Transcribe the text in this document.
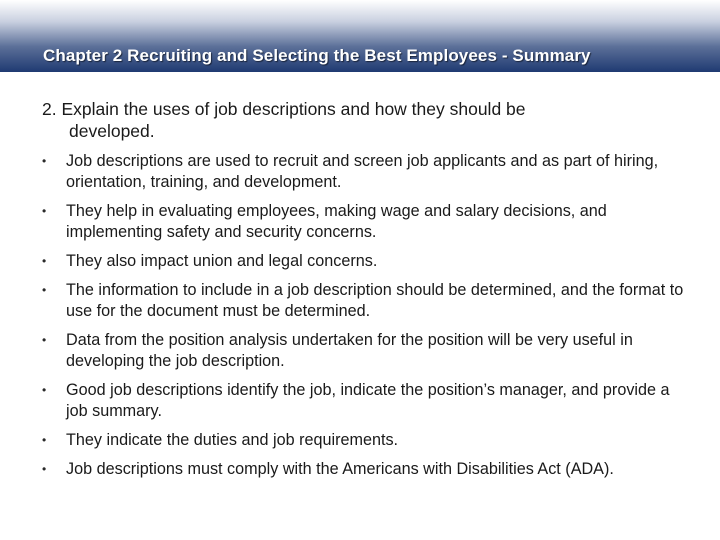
Chapter 2 Recruiting and Selecting the Best Employees - Summary
2. Explain the uses of job descriptions and how they should be
developed.
• Job descriptions are used to recruit and screen job applicants and as part of hiring, orientation, training, and development.
• They help in evaluating employees, making wage and salary decisions, and implementing safety and security concerns.
• They also impact union and legal concerns.
• The information to include in a job description should be determined, and the format to use for the document must be determined.
• Data from the position analysis undertaken for the position will be very useful in developing the job description.
• Good job descriptions identify the job, indicate the position’s manager, and provide a job summary.
• They indicate the duties and job requirements.
• Job descriptions must comply with the Americans with Disabilities Act (ADA).
